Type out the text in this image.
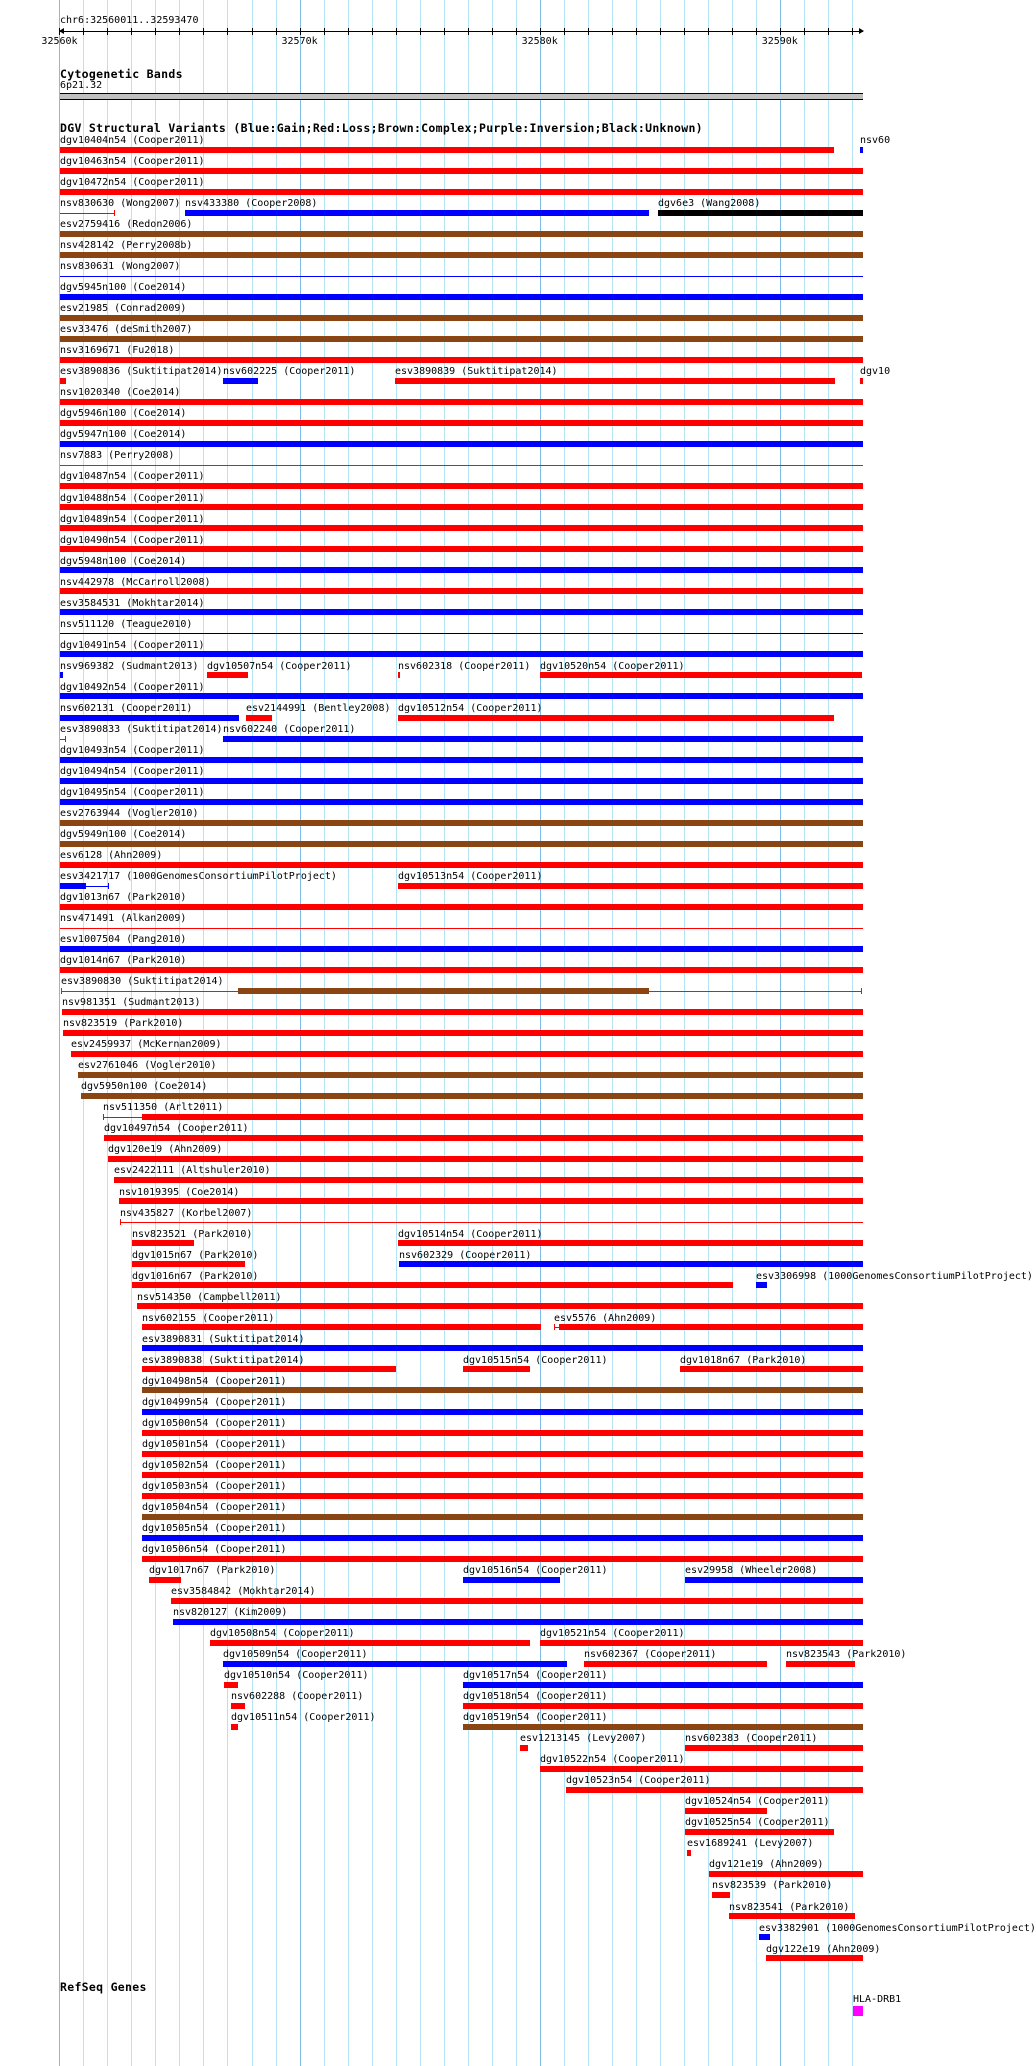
chr6:32560011..32593470
32560k	32570k	32580k	32590k
Cytogenetic Bands
6p21.32
DGV Structural Variants (Blue:Gain;Red:Loss;Brown:Complex;Purple:Inversion;Black:Unknown)
dgv10404n54 (Cooper2011)	nsv60
dgv10463n54 (Cooper2011)
dgv10472n54 (Cooper2011)
nsv830630 (Wong2007) nsv433380 (Cooper2008)	dgv6e3 (Wang2008)
esv2759416 (Redon2006)
nsv428142 (Perry2008b)
nsv830631 (Wong2007)
dgv5945n100 (Coe2014)
esv21985 (Conrad2009)
esv33476 (deSmith2007)
nsv3169671 (Fu2018)
esv3890836 (Suktitipat2014) nsv602225 (Cooper2011)	esv3890839 (Suktitipat2014)	dgv10
nsv1020340 (Coe2014)
dgv5946n100 (Coe2014)
dgv5947n100 (Coe2014)
nsv7883 (Perry2008)
dgv10487n54 (Cooper2011)
dgv10488n54 (Cooper2011)
dgv10489n54 (Cooper2011)
dgv10490n54 (Cooper2011)
dgv5948n100 (Coe2014)
nsv442978 (McCarroll2008)
esv3584531 (Mokhtar2014)
nsv511120 (Teague2010)
dgv10491n54 (Cooper2011)
nsv969382 (Sudmant2013) dgv10507n54 (Cooper2011)	nsv602318 (Cooper2011) dgv10520n54 (Cooper2011)
dgv10492n54 (Cooper2011)
nsv602131 (Cooper2011)	esv2144991 (Bentley2008) dgv10512n54 (Cooper2011)
esv3890833 (Suktitipat2014) nsv602240 (Cooper2011)
dgv10493n54 (Cooper2011)
dgv10494n54 (Cooper2011)
dgv10495n54 (Cooper2011)
esv2763944 (Vogler2010)
dgv5949n100 (Coe2014)
esv6128 (Ahn2009)
esv3421717 (1000GenomesConsortiumPilotProject)	dgv10513n54 (Cooper2011)
dgv1013n67 (Park2010)
nsv471491 (Alkan2009)
esv1007504 (Pang2010)
dgv1014n67 (Park2010)
esv3890830 (Suktitipat2014)
nsv981351 (Sudmant2013)
nsv823519 (Park2010)
esv2459937 (McKernan2009)
esv2761046 (Vogler2010)
dgv5950n100 (Coe2014)
nsv511350 (Arlt2011)
dgv10497n54 (Cooper2011)
dgv120e19 (Ahn2009)
esv2422111 (Altshuler2010)
nsv1019395 (Coe2014)
nsv435827 (Korbel2007)
nsv823521 (Park2010)	dgv10514n54 (Cooper2011)
dgv1015n67 (Park2010)	nsv602329 (Cooper2011)
dgv1016n67 (Park2010)	esv3306998 (1000GenomesConsortiumPilotProject)
nsv514350 (Campbell2011)
nsv602155 (Cooper2011)	esv5576 (Ahn2009)
esv3890831 (Suktitipat2014)
esv3890838 (Suktitipat2014)	dgv10515n54 (Cooper2011)	dgv1018n67 (Park2010)
dgv10498n54 (Cooper2011)
dgv10499n54 (Cooper2011)
dgv10500n54 (Cooper2011)
dgv10501n54 (Cooper2011)
dgv10502n54 (Cooper2011)
dgv10503n54 (Cooper2011)
dgv10504n54 (Cooper2011)
dgv10505n54 (Cooper2011)
dgv10506n54 (Cooper2011)
dgv1017n67 (Park2010)	dgv10516n54 (Cooper2011)	esv29958 (Wheeler2008)
esv3584842 (Mokhtar2014)
nsv820127 (Kim2009)
dgv10508n54 (Cooper2011)	dgv10521n54 (Cooper2011)
dgv10509n54 (Cooper2011)	nsv602367 (Cooper2011)	nsv823543 (Park2010)
dgv10510n54 (Cooper2011)	dgv10517n54 (Cooper2011)
nsv602288 (Cooper2011)	dgv10518n54 (Cooper2011)
dgv10511n54 (Cooper2011)	dgv10519n54 (Cooper2011)
esv1213145 (Levy2007)	nsv602383 (Cooper2011)
dgv10522n54 (Cooper2011)
dgv10523n54 (Cooper2011)
dgv10524n54 (Cooper2011)
dgv10525n54 (Cooper2011)
esv1689241 (Levy2007)
dgv121e19 (Ahn2009)
nsv823539 (Park2010)
nsv823541 (Park2010)
esv3382901 (1000GenomesConsortiumPilotProject)
dgv122e19 (Ahn2009)
RefSeq Genes
HLA-DRB1
